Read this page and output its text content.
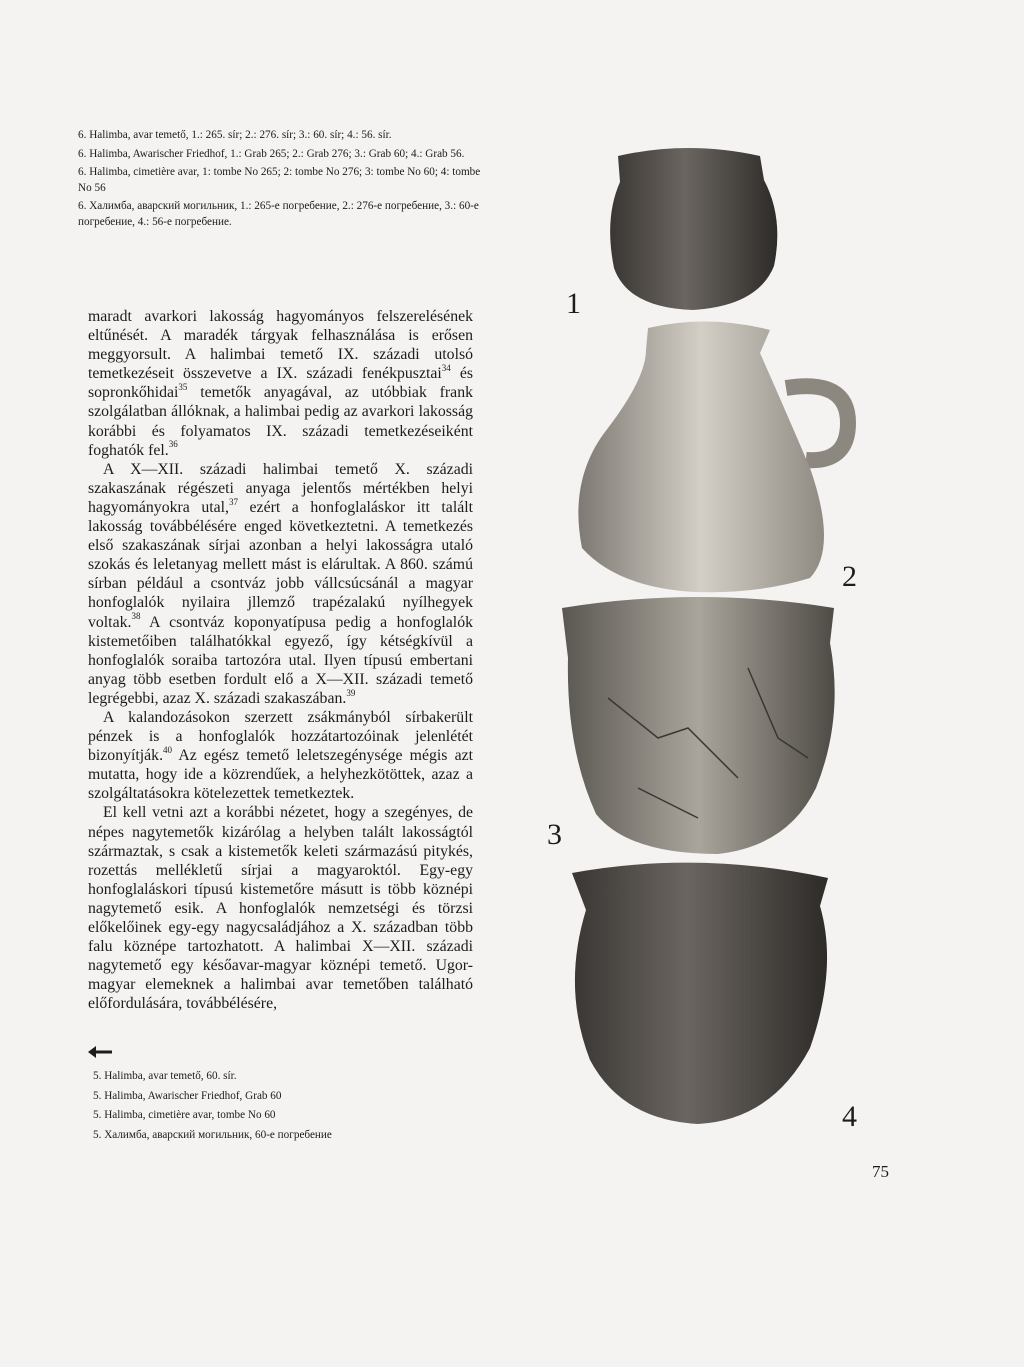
6. Halimba, avar temető, 1.: 265. sír; 2.: 276. sír; 3.: 60. sír; 4.: 56. sír.

6. Halimba, Awarischer Friedhof, 1.: Grab 265; 2.: Grab 276; 3.: Grab 60; 4.: Grab 56.

6. Halimba, cimetière avar, 1: tombe No 265; 2: tombe No 276; 3: tombe No 60; 4: tombe No 56

6. Халимба, аварский могильник, 1.: 265-е погребение, 2.: 276-е погребение, 3.: 60-е погребение, 4.: 56-е погребение.

maradt avarkori lakosság hagyományos felszerelésének eltűnését. A maradék tárgyak felhasználása is erősen meggyorsult. A halimbai temető IX. századi utolsó temetkezéseit összevetve a IX. századi fenékpusztai$^{34}$ és sopronkőhidai$^{35}$ temetők anyagával, az utóbbiak frank szolgálatban állóknak, a halimbai pedig az avarkori lakosság korábbi és folyamatos IX. századi temetkezéseiként foghatók fel.$^{36}$

A X—XII. századi halimbai temető X. századi szakaszának régészeti anyaga jelentős mértékben helyi hagyományokra utal,$^{37}$ ezért a honfoglaláskor itt talált lakosság továbbélésére enged következtetni. A temetkezés első szakaszának sírjai azonban a helyi lakosságra utaló szokás és leletanyag mellett mást is elárultak. A 860. számú sírban például a csontváz jobb vállcsúcsánál a magyar honfoglalók nyilaira jllemző trapézalakú nyílhegyek voltak.$^{38}$ A csontváz koponyatípusa pedig a honfoglalók kistemetőiben találhatókkal egyező, így kétségkívül a honfoglalók soraiba tartozóra utal. Ilyen típusú embertani anyag több esetben fordult elő a X—XII. századi temető legrégebbi, azaz X. századi szakaszában.$^{39}$

A kalandozásokon szerzett zsákmányból sírbakerült pénzek is a honfoglalók hozzátartozóinak jelenlétét bizonyítják.$^{40}$ Az egész temető leletszegénysége mégis azt mutatta, hogy ide a közrendűek, a helyhezkötöttek, azaz a szolgáltatásokra kötelezettek temetkeztek.

El kell vetni azt a korábbi nézetet, hogy a szegényes, de népes nagytemetők kizárólag a helyben talált lakosságtól származtak, s csak a kistemetők keleti származású pitykés, rozettás mellékletű sírjai a magyaroktól. Egy-egy honfoglaláskori típusú kistemetőre másutt is több köznépi nagytemető esik. A honfoglalók nemzetségi és törzsi előkelőinek egy-egy nagycsaládjához a X. században több falu köznépe tartozhatott. A halimbai X—XII. századi nagytemető egy későavar-magyar köznépi temető. Ugor-magyar elemeknek a halimbai avar temetőben található előfordulására, továbbélésére,

5. Halimba, avar temető, 60. sír.

5. Halimba, Awarischer Friedhof, Grab 60

5. Halimba, cimetière avar, tombe No 60

5. Халимба, аварский могильник, 60-е погребение

1
2
3
4
75
